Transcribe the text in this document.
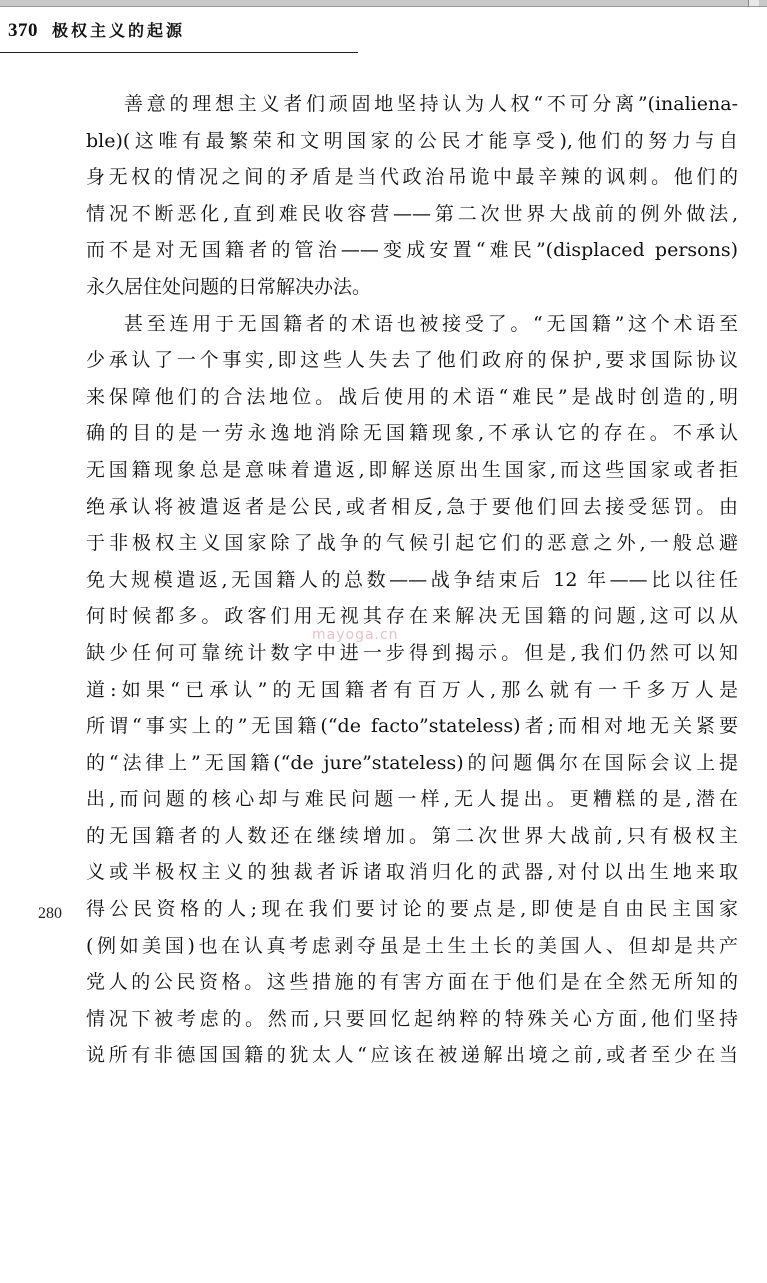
370 极权主义的起源
280
mayoga.cn
善意的理想主义者们顽固地坚持认为人权“不可分离”(inaliena-
ble)(这唯有最繁荣和文明国家的公民才能享受),他们的努力与自
身无权的情况之间的矛盾是当代政治吊诡中最辛辣的讽刺。他们的
情况不断恶化,直到难民收容营——第二次世界大战前的例外做法,
而不是对无国籍者的管治——变成安置“难民”(displaced persons)
永久居住处问题的日常解决办法。
甚至连用于无国籍者的术语也被接受了。“无国籍”这个术语至
少承认了一个事实,即这些人失去了他们政府的保护,要求国际协议
来保障他们的合法地位。战后使用的术语“难民”是战时创造的,明
确的目的是一劳永逸地消除无国籍现象,不承认它的存在。不承认
无国籍现象总是意味着遣返,即解送原出生国家,而这些国家或者拒
绝承认将被遣返者是公民,或者相反,急于要他们回去接受惩罚。由
于非极权主义国家除了战争的气候引起它们的恶意之外,一般总避
免大规模遣返,无国籍人的总数——战争结束后 12 年——比以往任
何时候都多。政客们用无视其存在来解决无国籍的问题,这可以从
缺少任何可靠统计数字中进一步得到揭示。但是,我们仍然可以知
道:如果“已承认”的无国籍者有百万人,那么就有一千多万人是
所谓“事实上的”无国籍(“de facto”stateless)者;而相对地无关紧要
的“法律上”无国籍(“de jure”stateless)的问题偶尔在国际会议上提
出,而问题的核心却与难民问题一样,无人提出。更糟糕的是,潜在
的无国籍者的人数还在继续增加。第二次世界大战前,只有极权主
义或半极权主义的独裁者诉诸取消归化的武器,对付以出生地来取
得公民资格的人;现在我们要讨论的要点是,即使是自由民主国家
(例如美国)也在认真考虑剥夺虽是土生土长的美国人、但却是共产
党人的公民资格。这些措施的有害方面在于他们是在全然无所知的
情况下被考虑的。然而,只要回忆起纳粹的特殊关心方面,他们坚持
说所有非德国国籍的犹太人“应该在被递解出境之前,或者至少在当
